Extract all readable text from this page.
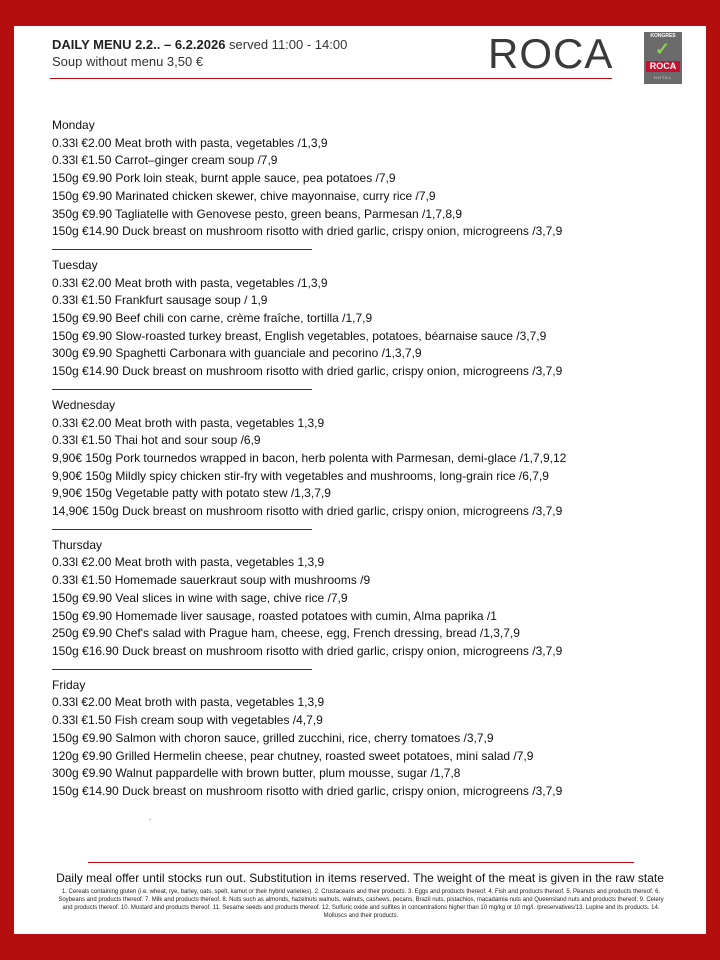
DAILY MENU 2.2.. – 6.2.2026 served 11:00 - 14:00
Soup without menu 3,50 €	ROCA	KONGRES
✓
ROCA
HOTEL
Monday
0.33l €2.00 Meat broth with pasta, vegetables /1,3,9
0.33l €1.50 Carrot–ginger cream soup /7,9
150g €9.90 Pork loin steak, burnt apple sauce, pea potatoes /7,9
150g €9.90 Marinated chicken skewer, chive mayonnaise, curry rice /7,9
350g €9.90 Tagliatelle with Genovese pesto, green beans, Parmesan /1,7,8,9
150g €14.90 Duck breast on mushroom risotto with dried garlic, crispy onion, microgreens /3,7,9
Tuesday
0.33l €2.00 Meat broth with pasta, vegetables /1,3,9
0.33l €1.50 Frankfurt sausage soup / 1,9
150g €9.90 Beef chili con carne, crème fraîche, tortilla /1,7,9
150g €9.90 Slow-roasted turkey breast, English vegetables, potatoes, béarnaise sauce /3,7,9
300g €9.90 Spaghetti Carbonara with guanciale and pecorino /1,3,7,9
150g €14.90 Duck breast on mushroom risotto with dried garlic, crispy onion, microgreens /3,7,9
Wednesday
0.33l €2.00 Meat broth with pasta, vegetables 1,3,9
0.33l €1.50 Thai hot and sour soup /6,9
9,90€ 150g Pork tournedos wrapped in bacon, herb polenta with Parmesan, demi-glace /1,7,9,12
9,90€ 150g Mildly spicy chicken stir-fry with vegetables and mushrooms, long-grain rice /6,7,9
9,90€ 150g Vegetable patty with potato stew /1,3,7,9
14,90€ 150g Duck breast on mushroom risotto with dried garlic, crispy onion, microgreens /3,7,9
Thursday
0.33l €2.00 Meat broth with pasta, vegetables 1,3,9
0.33l €1.50 Homemade sauerkraut soup with mushrooms /9
150g €9.90 Veal slices in wine with sage, chive rice /7,9
150g €9.90 Homemade liver sausage, roasted potatoes with cumin, Alma paprika /1
250g €9.90 Chef's salad with Prague ham, cheese, egg, French dressing, bread /1,3,7,9
150g €16.90 Duck breast on mushroom risotto with dried garlic, crispy onion, microgreens /3,7,9
Friday
0.33l €2.00 Meat broth with pasta, vegetables 1,3,9
0.33l €1.50 Fish cream soup with vegetables /4,7,9
150g €9.90 Salmon with choron sauce, grilled zucchini, rice, cherry tomatoes /3,7,9
120g €9.90 Grilled Hermelin cheese, pear chutney, roasted sweet potatoes, mini salad /7,9
300g €9.90 Walnut pappardelle with brown butter, plum mousse, sugar /1,7,8
150g €14.90 Duck breast on mushroom risotto with dried garlic, crispy onion, microgreens /3,7,9
.
Daily meal offer until stocks run out. Substitution in items reserved. The weight of the meat is given in the raw state
1. Cereals containing gluten (i.e. wheat, rye, barley, oats, spelt, kamut or their hybrid varieties). 2. Crustaceans and their products. 3. Eggs and products thereof. 4. Fish and products thereof. 5. Peanuts and products thereof. 6. Soybeans and products thereof. 7. Milk and products thereof. 8. Nuts such as almonds, hazelnuts walnuts, walnuts, cashews, pecans, Brazil nuts, pistachios, macadamia nuts and Queensland nuts and products thereof. 9. Celery and products thereof. 10. Mustard and products thereof. 11. Sesame seeds and products thereof. 12. Sulfuric oxide and sulfites in concentrations higher than 10 mg/kg or 10 mg/l. /preservatives/13. Lupine and its products. 14. Molluscs and their products.
